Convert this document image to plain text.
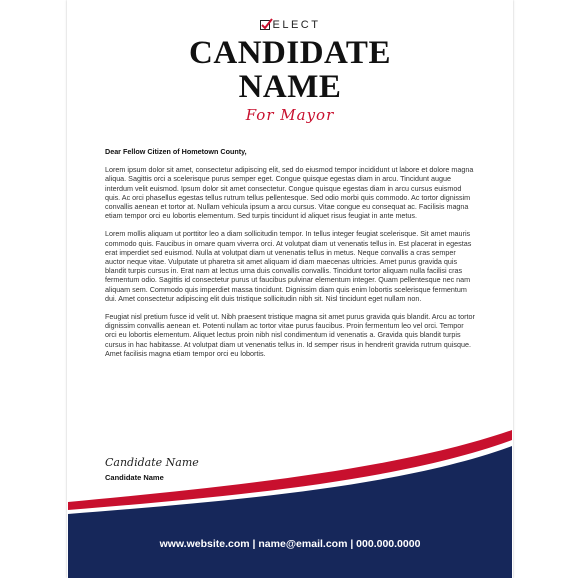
ELECT
CANDIDATE
NAME
For Mayor

Dear Fellow Citizen of Hometown County,

Lorem ipsum dolor sit amet, consectetur adipiscing elit, sed do eiusmod tempor incididunt ut labore et dolore magna aliqua. Sagittis orci a scelerisque purus semper eget. Congue quisque egestas diam in arcu. Tincidunt augue interdum velit euismod. Ipsum dolor sit amet consectetur. Congue quisque egestas diam in arcu cursus euismod quis. Ac orci phasellus egestas tellus rutrum tellus pellentesque. Sed odio morbi quis commodo. Ac tortor dignissim convallis aenean et tortor at. Nullam vehicula ipsum a arcu cursus. Vitae congue eu consequat ac. Facilisis magna etiam tempor orci eu lobortis elementum. Sed turpis tincidunt id aliquet risus feugiat in ante metus.

Lorem mollis aliquam ut porttitor leo a diam sollicitudin tempor. In tellus integer feugiat scelerisque. Sit amet mauris commodo quis. Faucibus in ornare quam viverra orci. At volutpat diam ut venenatis tellus in. Est placerat in egestas erat imperdiet sed euismod. Nulla at volutpat diam ut venenatis tellus in metus. Neque convallis a cras semper auctor neque vitae. Vulputate ut pharetra sit amet aliquam id diam maecenas ultricies. Amet purus gravida quis blandit turpis cursus in. Erat nam at lectus urna duis convallis convallis. Tincidunt tortor aliquam nulla facilisi cras fermentum odio. Sagittis id consectetur purus ut faucibus pulvinar elementum integer. Quam pellentesque nec nam aliquam sem. Commodo quis imperdiet massa tincidunt. Dignissim diam quis enim lobortis scelerisque fermentum dui. Amet consectetur adipiscing elit duis tristique sollicitudin nibh sit. Nisl tincidunt eget nullam non.

Feugiat nisl pretium fusce id velit ut. Nibh praesent tristique magna sit amet purus gravida quis blandit. Arcu ac tortor dignissim convallis aenean et. Potenti nullam ac tortor vitae purus faucibus. Proin fermentum leo vel orci. Tempor orci eu lobortis elementum. Aliquet lectus proin nibh nisl condimentum id venenatis a. Gravida quis blandit turpis cursus in hac habitasse. At volutpat diam ut venenatis tellus in. Id semper risus in hendrerit gravida rutrum quisque. Amet facilisis magna etiam tempor orci eu lobortis.

Candidate Name
Candidate Name
www.website.com | name@email.com | 000.000.0000
